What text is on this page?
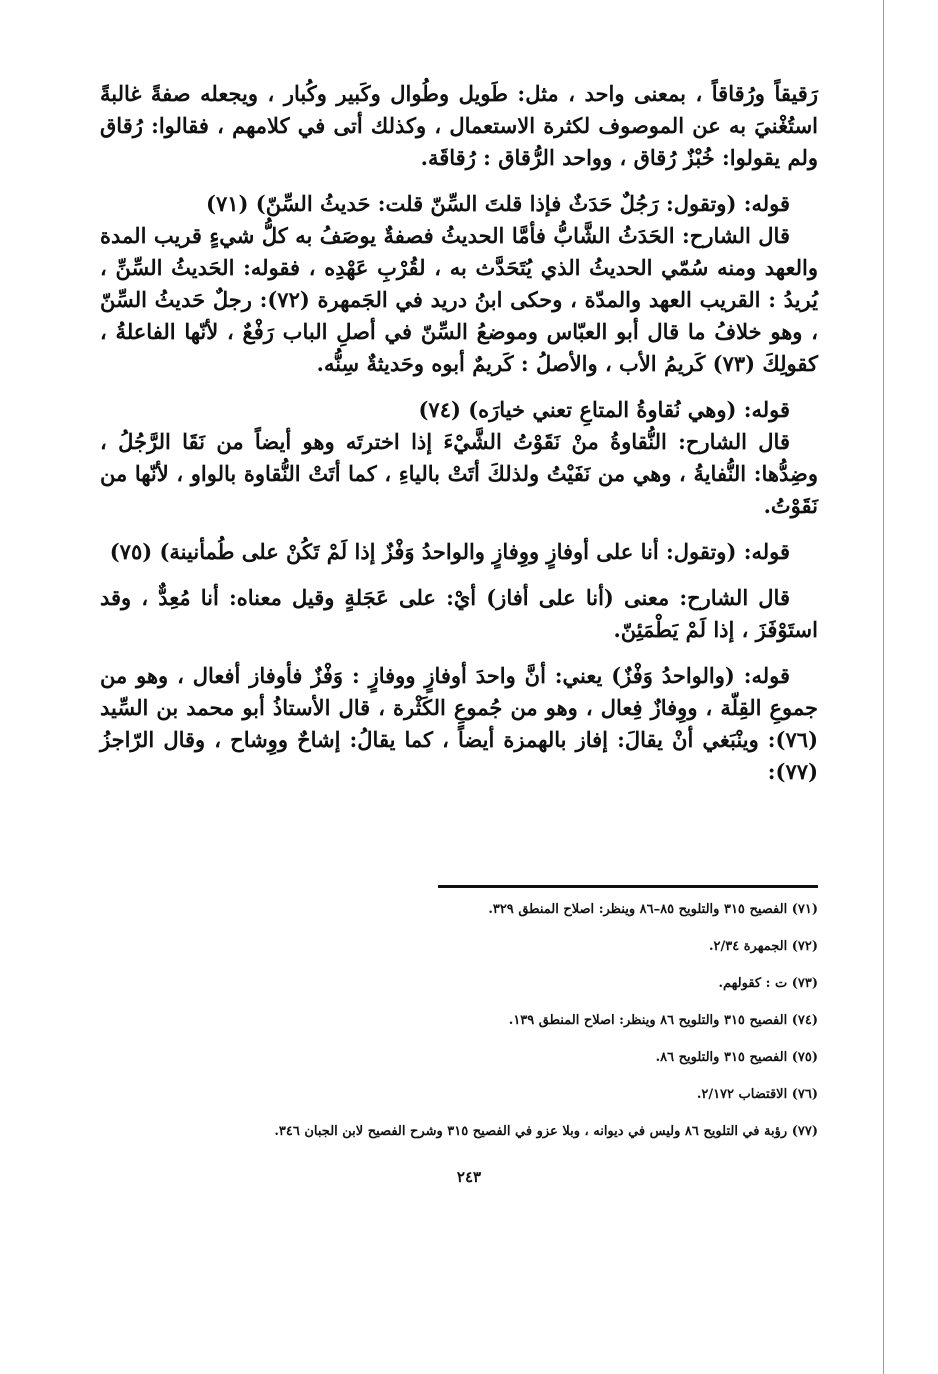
رَقيقاً ورُقاقاً ، بمعنى واحد ، مثل: طَويل وطُوال وكَبير وكُبار ، ويجعله صفةً غالبةً استُغْنيَ به عن الموصوف لكثرة الاستعمال ، وكذلك أتى في كلامهم ، فقالوا: رُقاق ولم يقولوا: خُبْزٌ رُقاق ، وواحد الرُّقاق : رُقاقَة.

قوله: (وتقول: رَجُلٌ حَدَثٌ فإذا قلتَ السِّنّ قلت: حَديثُ السِّنّ) (٧١)

قال الشارح: الحَدَثُ الشَّابُّ فأمَّا الحديثُ فصفةٌ يوصَفُ به كلُّ شيءٍ قريب المدة والعهد ومنه سُمّي الحديثُ الذي يُتَحَدَّث به ، لقُرْبِ عَهْدِه ، فقوله: الحَديثُ السِّنِّ ، يُريدُ : القريب العهد والمدّة ، وحكى ابنُ دريد في الجَمهرة (٧٢): رجلٌ حَديثُ السِّنّ ، وهو خلافُ ما قال أبو العبّاس وموضعُ السِّنّ في أصلِ الباب رَفْعٌ ، لأنّها الفاعلةُ ، كقولِكَ (٧٣) كَريمُ الأب ، والأصلُ : كَريمٌ أبوه وحَديثةٌ سِنُّه.

قوله: (وهي نُقاوةُ المتاعِ تعني خيارَه) (٧٤)

قال الشارح: النُّقاوةُ منْ نَقَوْتُ الشَّيْءَ إذا اخترتَه وهو أيضاً من نَقَا الرَّجُلُ ، وضِدُّها: النُّفايةُ ، وهي من نَفَيْتُ ولذلكَ أتَتْ بالياءِ ، كما أتَتْ النُّقاوة بالواو ، لأنّها من نَقَوْتُ.

قوله: (وتقول: أنا على أوفازٍ ووِفازٍ والواحدُ وَفْزٌ إذا لَمْ تَكُنْ على طُمأنينة) (٧٥)

قال الشارح: معنى (أنا على أفاز) أيْ: على عَجَلةٍ وقيل معناه: أنا مُعِدٌّ ، وقد استَوْفَزَ ، إذا لَمْ يَطْمَئِنّ.

قوله: (والواحدُ وَفْزٌ) يعني: أنَّ واحدَ أوفازٍ ووفازٍ : وَفْزٌ فأوفاز أفعال ، وهو من جموعِ القِلّة ، ووِفازٌ فِعال ، وهو من جُموعِ الكَثْرة ، قال الأستاذُ أبو محمد بن السِّيد (٧٦): وينْبَغي أنْ يقالَ: إفاز بالهمزة أيضاً ، كما يقالُ: إشاحٌ ووِشاح ، وقال الرّاجزُ (٧٧):

(٧١) الفصيح ٣١٥ والتلويح ٨٥–٨٦ وينظر: اصلاح المنطق ٣٢٩.

(٧٢) الجمهرة ٢/٣٤.

(٧٣) ت : كقولهم.

(٧٤) الفصيح ٣١٥ والتلويح ٨٦ وينظر: اصلاح المنطق ١٣٩.

(٧٥) الفصيح ٣١٥ والتلويح ٨٦.

(٧٦) الاقتضاب ٢/١٧٢.

(٧٧) رؤبة في التلويح ٨٦ وليس في ديوانه ، وبلا عزو في الفصيح ٣١٥ وشرح الفصيح لابن الجبان ٣٤٦.

٢٤٣
